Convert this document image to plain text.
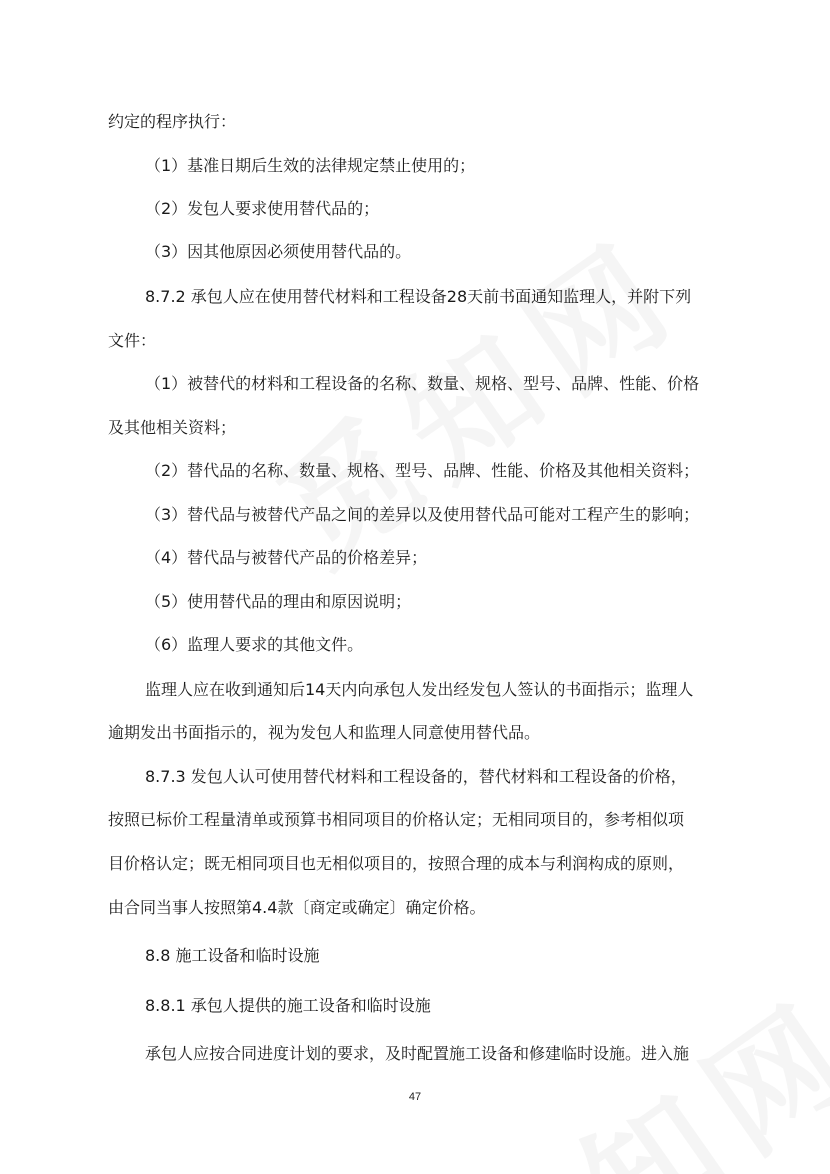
约定的程序执行：
（1）基准日期后生效的法律规定禁止使用的；
（2）发包人要求使用替代品的；
（3）因其他原因必须使用替代品的。
8.7.2 承包人应在使用替代材料和工程设备28天前书面通知监理人，并附下列
文件：
（1）被替代的材料和工程设备的名称、数量、规格、型号、品牌、性能、价格
及其他相关资料；
（2）替代品的名称、数量、规格、型号、品牌、性能、价格及其他相关资料；
（3）替代品与被替代产品之间的差异以及使用替代品可能对工程产生的影响；
（4）替代品与被替代产品的价格差异；
（5）使用替代品的理由和原因说明；
（6）监理人要求的其他文件。
监理人应在收到通知后14天内向承包人发出经发包人签认的书面指示；监理人
逾期发出书面指示的，视为发包人和监理人同意使用替代品。
8.7.3 发包人认可使用替代材料和工程设备的，替代材料和工程设备的价格，
按照已标价工程量清单或预算书相同项目的价格认定；无相同项目的，参考相似项
目价格认定；既无相同项目也无相似项目的，按照合理的成本与利润构成的原则，
由合同当事人按照第4.4款〔商定或确定〕确定价格。
8.8 施工设备和临时设施
8.8.1 承包人提供的施工设备和临时设施
承包人应按合同进度计划的要求，及时配置施工设备和修建临时设施。进入施
47
